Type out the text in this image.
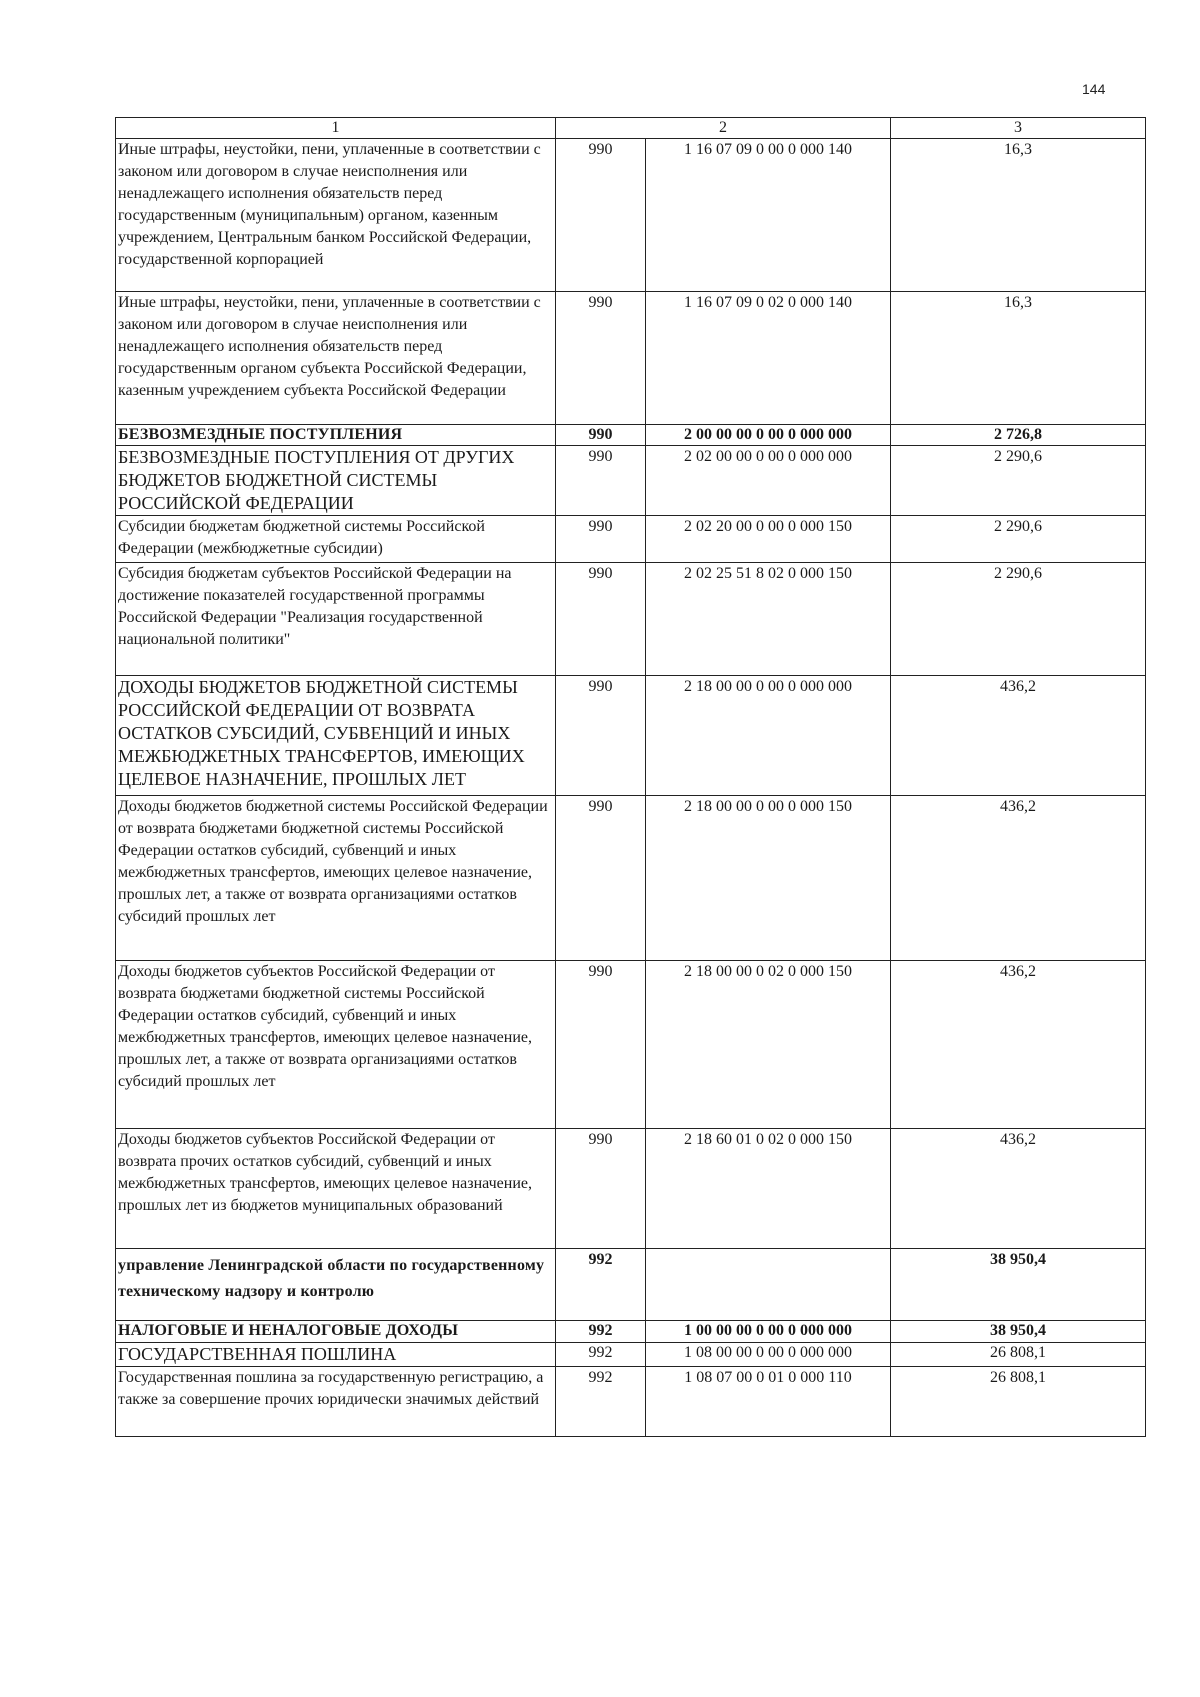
144
1	2		3
Иные штрафы, неустойки, пени, уплаченные в соответствии с законом или договором в случае неисполнения или ненадлежащего исполнения обязательств перед государственным (муниципальным) органом, казенным учреждением, Центральным банком Российской Федерации, государственной корпорацией	990	1 16 07 09 0 00 0 000 140	16,3
Иные штрафы, неустойки, пени, уплаченные в соответствии с законом или договором в случае неисполнения или ненадлежащего исполнения обязательств перед государственным органом субъекта Российской Федерации, казенным учреждением субъекта Российской Федерации	990	1 16 07 09 0 02 0 000 140	16,3
БЕЗВОЗМЕЗДНЫЕ ПОСТУПЛЕНИЯ	990	2 00 00 00 0 00 0 000 000	2 726,8
БЕЗВОЗМЕЗДНЫЕ ПОСТУПЛЕНИЯ ОТ ДРУГИХ БЮДЖЕТОВ БЮДЖЕТНОЙ СИСТЕМЫ РОССИЙСКОЙ ФЕДЕРАЦИИ	990	2 02 00 00 0 00 0 000 000	2 290,6
Субсидии бюджетам бюджетной системы Российской Федерации (межбюджетные субсидии)	990	2 02 20 00 0 00 0 000 150	2 290,6
Субсидия бюджетам субъектов Российской Федерации на достижение показателей государственной программы Российской Федерации "Реализация государственной национальной политики"	990	2 02 25 51 8 02 0 000 150	2 290,6
ДОХОДЫ БЮДЖЕТОВ БЮДЖЕТНОЙ СИСТЕМЫ РОССИЙСКОЙ ФЕДЕРАЦИИ ОТ ВОЗВРАТА ОСТАТКОВ СУБСИДИЙ, СУБВЕНЦИЙ И ИНЫХ МЕЖБЮДЖЕТНЫХ ТРАНСФЕРТОВ, ИМЕЮЩИХ ЦЕЛЕВОЕ НАЗНАЧЕНИЕ, ПРОШЛЫХ ЛЕТ	990	2 18 00 00 0 00 0 000 000	436,2
Доходы бюджетов бюджетной системы Российской Федерации от возврата бюджетами бюджетной системы Российской Федерации остатков субсидий, субвенций и иных межбюджетных трансфертов, имеющих целевое назначение, прошлых лет, а также от возврата организациями остатков субсидий прошлых лет	990	2 18 00 00 0 00 0 000 150	436,2
Доходы бюджетов субъектов Российской Федерации от возврата бюджетами бюджетной системы Российской Федерации остатков субсидий, субвенций и иных межбюджетных трансфертов, имеющих целевое назначение, прошлых лет, а также от возврата организациями остатков субсидий прошлых лет	990	2 18 00 00 0 02 0 000 150	436,2
Доходы бюджетов субъектов Российской Федерации от возврата прочих остатков субсидий, субвенций и иных межбюджетных трансфертов, имеющих целевое назначение, прошлых лет из бюджетов муниципальных образований	990	2 18 60 01 0 02 0 000 150	436,2
управление Ленинградской области по государственному техническому надзору и контролю	992		38 950,4
НАЛОГОВЫЕ И НЕНАЛОГОВЫЕ ДОХОДЫ	992	1 00 00 00 0 00 0 000 000	38 950,4
ГОСУДАРСТВЕННАЯ ПОШЛИНА	992	1 08 00 00 0 00 0 000 000	26 808,1
Государственная пошлина за государственную регистрацию, а также за совершение прочих юридически значимых действий	992	1 08 07 00 0 01 0 000 110	26 808,1
